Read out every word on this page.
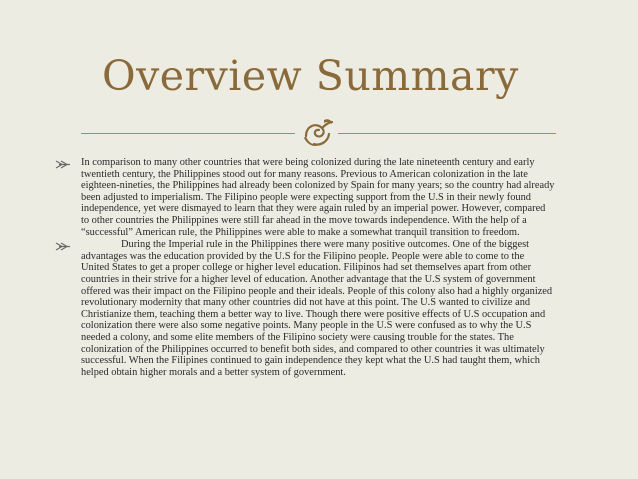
Overview Summary

In comparison to many other countries that were being colonized during the late nineteenth century and early twentieth century, the Philippines stood out for many reasons. Previous to American colonization in the late eighteen-nineties, the Philippines had already been colonized by Spain for many years; so the country had already been adjusted to imperialism. The Filipino people were expecting support from the U.S in their newly found independence, yet were dismayed to learn that they were again ruled by an imperial power. However, compared to other countries the Philippines were still far ahead in the move towards independence. With the help of a “successful” American rule, the Philippines were able to make a somewhat tranquil transition to freedom.

During the Imperial rule in the Philippines there were many positive outcomes. One of the biggest advantages was the education provided by the U.S for the Filipino people. People were able to come to the United States to get a proper college or higher level education. Filipinos had set themselves apart from other countries in their strive for a higher level of education. Another advantage that the U.S system of government offered was their impact on the Filipino people and their ideals. People of this colony also had a highly organized revolutionary modernity that many other countries did not have at this point. The U.S wanted to civilize and Christianize them, teaching them a better way to live. Though there were positive effects of U.S occupation and colonization there were also some negative points. Many people in the U.S were confused as to why the U.S needed a colony, and some elite members of the Filipino society were causing trouble for the states. The colonization of the Philippines occurred to benefit both sides, and compared to other countries it was ultimately successful. When the Filipines continued to gain independence they kept what the U.S had taught them, which helped obtain higher morals and a better system of government.
